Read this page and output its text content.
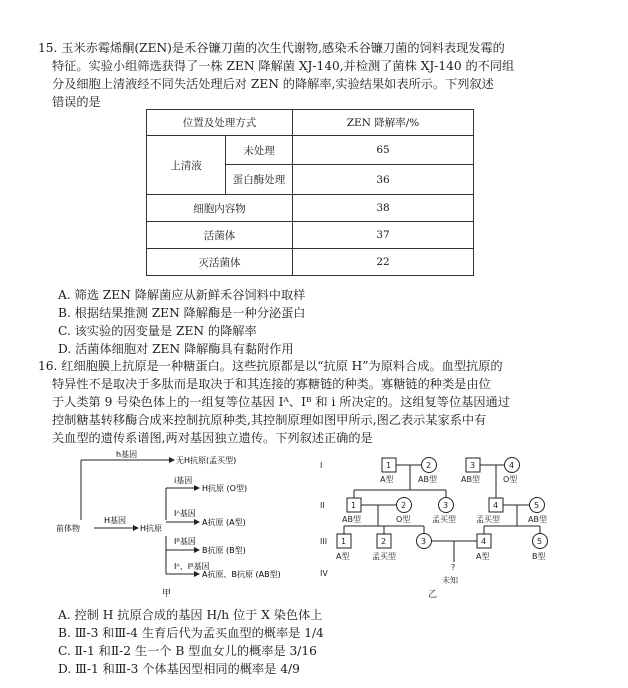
15. 玉米赤霉烯酮(ZEN)是禾谷镰刀菌的次生代谢物,感染禾谷镰刀菌的饲料表现发霉的
特征。实验小组筛选获得了一株 ZEN 降解菌 XJ-140,并检测了菌株 XJ-140 的不同组
分及细胞上清液经不同失活处理后对 ZEN 的降解率,实验结果如表所示。下列叙述
错误的是
位置及处理方式		ZEN 降解率/%
上清液	未处理	65
	蛋白酶处理	36
细胞内容物		38
活菌体		37
灭活菌体		22
A. 筛选 ZEN 降解菌应从新鲜禾谷饲料中取样
B. 根据结果推测 ZEN 降解酶是一种分泌蛋白
C. 该实验的因变量是 ZEN 的降解率
D. 活菌体细胞对 ZEN 降解酶具有黏附作用
16. 红细胞膜上抗原是一种糖蛋白。这些抗原都是以“抗原 H”为原料合成。血型抗原的
特异性不是取决于多肽而是取决于和其连接的寡糖链的种类。寡糖链的种类是由位
于人类第 9 号染色体上的一组复等位基因 Iᴬ、Iᴮ 和 i 所决定的。这组复等位基因通过
控制糖基转移酶合成来控制抗原种类,其控制原理如图甲所示,图乙表示某家系中有
关血型的遗传系谱图,两对基因独立遗传。下列叙述正确的是
h基因
无H抗原(孟买型)
i基因
H抗原 (O型)
Iᴬ基因
A抗原 (A型)
Iᴮ基因
B抗原 (B型)
Iᴬ、Iᴮ基因
A抗原、B抗原 (AB型)
前体物
H基因
H抗原
甲
I
II
III
IV
1
A型
2
AB型
3
AB型
4
O型
1
AB型
2
O型
3
孟买型
4
孟买型
5
AB型
1
A型
2
孟买型
3	4
A型
5
B型
?
未知
乙
A. 控制 H 抗原合成的基因 H/h 位于 X 染色体上
B. Ⅲ-3 和Ⅲ-4 生育后代为孟买血型的概率是 1/4
C. Ⅱ-1 和Ⅱ-2 生一个 B 型血女儿的概率是 3/16
D. Ⅲ-1 和Ⅲ-3 个体基因型相同的概率是 4/9
